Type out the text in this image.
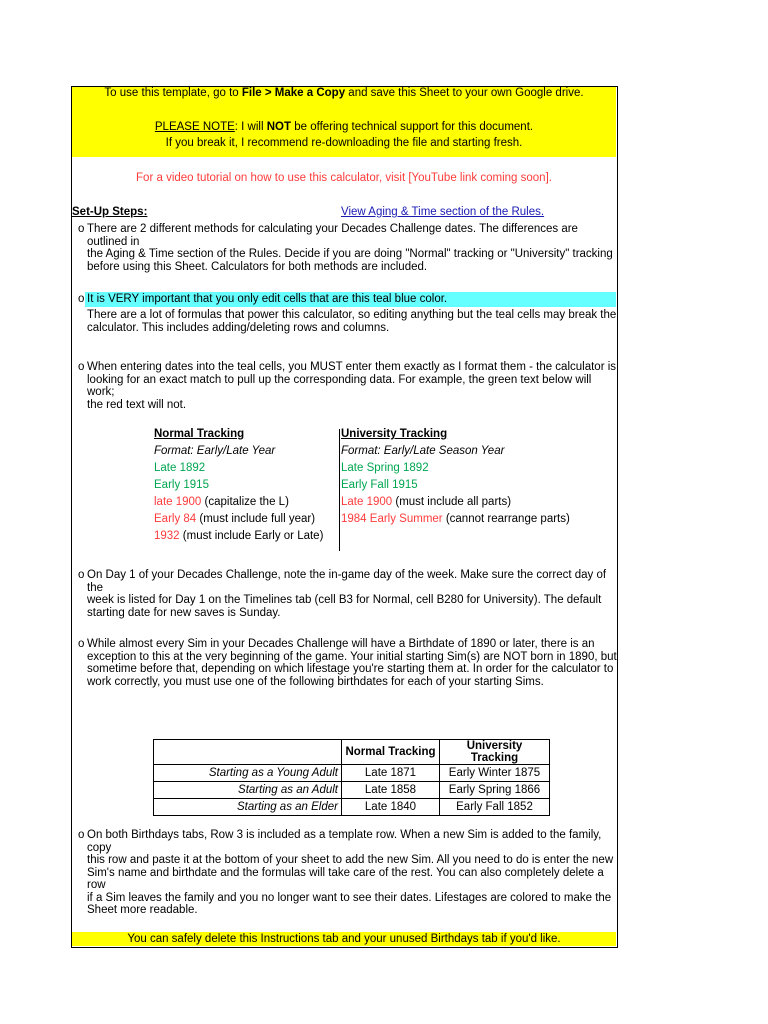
To use this template, go to File > Make a Copy and save this Sheet to your own Google drive.
PLEASE NOTE: I will NOT be offering technical support for this document.
If you break it, I recommend re-downloading the file and starting fresh.
For a video tutorial on how to use this calculator, visit [YouTube link coming soon].
Set-Up Steps:	View Aging & Time section of the Rules.
o There are 2 different methods for calculating your Decades Challenge dates. The differences are outlined in
the Aging & Time section of the Rules. Decide if you are doing "Normal" tracking or "University" tracking
before using this Sheet. Calculators for both methods are included.
o It is VERY important that you only edit cells that are this teal blue color.
There are a lot of formulas that power this calculator, so editing anything but the teal cells may break the
calculator. This includes adding/deleting rows and columns.
o When entering dates into the teal cells, you MUST enter them exactly as I format them - the calculator is
looking for an exact match to pull up the corresponding data. For example, the green text below will work;
the red text will not.
Normal Tracking
Format: Early/Late Year
Late 1892
Early 1915
late 1900 (capitalize the L)
Early 84 (must include full year)
1932 (must include Early or Late)
University Tracking
Format: Early/Late Season Year
Late Spring 1892
Early Fall 1915
Late 1900 (must include all parts)
1984 Early Summer (cannot rearrange parts)
o On Day 1 of your Decades Challenge, note the in-game day of the week. Make sure the correct day of the
week is listed for Day 1 on the Timelines tab (cell B3 for Normal, cell B280 for University). The default
starting date for new saves is Sunday.
o While almost every Sim in your Decades Challenge will have a Birthdate of 1890 or later, there is an
exception to this at the very beginning of the game. Your initial starting Sim(s) are NOT born in 1890, but
sometime before that, depending on which lifestage you're starting them at. In order for the calculator to
work correctly, you must use one of the following birthdates for each of your starting Sims.
	Normal Tracking	University Tracking
Starting as a Young Adult	Late 1871	Early Winter 1875
Starting as an Adult	Late 1858	Early Spring 1866
Starting as an Elder	Late 1840	Early Fall 1852
o On both Birthdays tabs, Row 3 is included as a template row. When a new Sim is added to the family, copy
this row and paste it at the bottom of your sheet to add the new Sim. All you need to do is enter the new
Sim's name and birthdate and the formulas will take care of the rest. You can also completely delete a row
if a Sim leaves the family and you no longer want to see their dates. Lifestages are colored to make the
Sheet more readable.
You can safely delete this Instructions tab and your unused Birthdays tab if you'd like.
